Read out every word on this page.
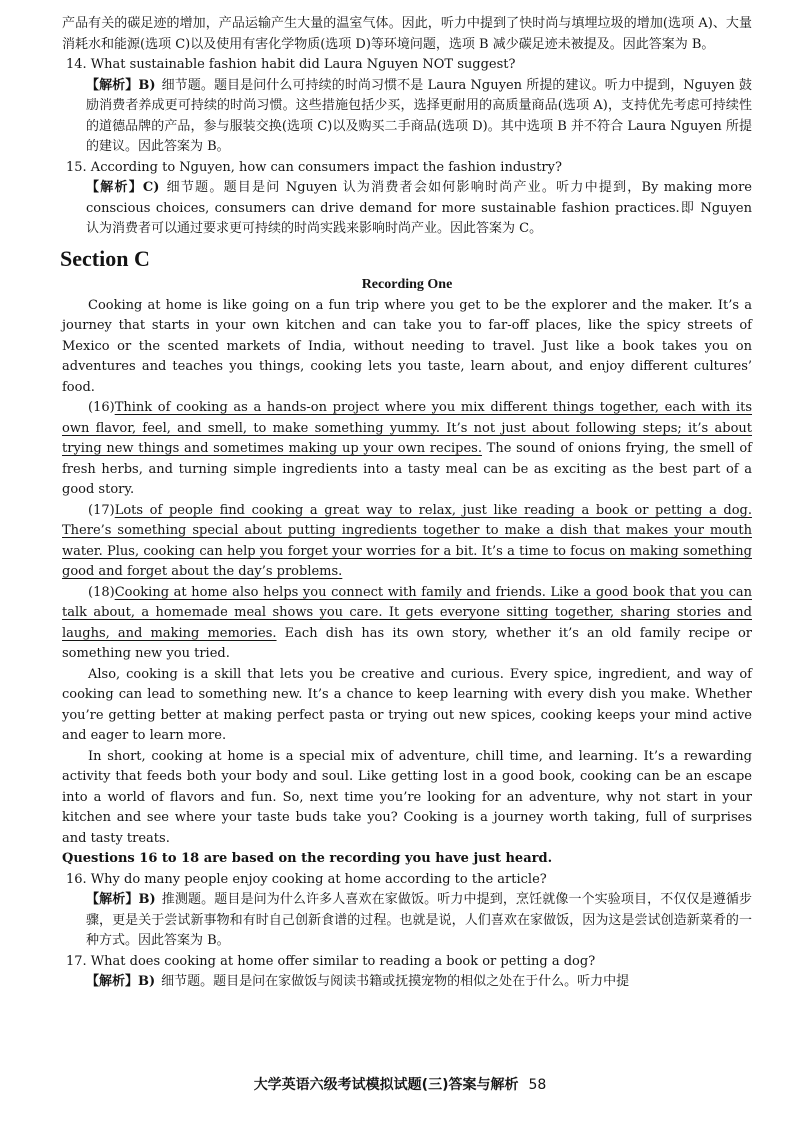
产品有关的碳足迹的增加，产品运输产生大量的温室气体。因此，听力中提到了快时尚与填埋垃圾的增加(选项 A)、大量消耗水和能源(选项 C)以及使用有害化学物质(选项 D)等环境问题，选项 B 减少碳足迹未被提及。因此答案为 B。

14. What sustainable fashion habit did Laura Nguyen NOT suggest?

【解析】B) 细节题。题目是问什么可持续的时尚习惯不是 Laura Nguyen 所提的建议。听力中提到，Nguyen 鼓励消费者养成更可持续的时尚习惯。这些措施包括少买，选择更耐用的高质量商品(选项 A)，支持优先考虑可持续性的道德品牌的产品，参与服装交换(选项 C)以及购买二手商品(选项 D)。其中选项 B 并不符合 Laura Nguyen 所提的建议。因此答案为 B。

15. According to Nguyen, how can consumers impact the fashion industry?

【解析】C) 细节题。题目是问 Nguyen 认为消费者会如何影响时尚产业。听力中提到，By making more conscious choices, consumers can drive demand for more sustainable fashion practices.即 Nguyen 认为消费者可以通过要求更可持续的时尚实践来影响时尚产业。因此答案为 C。

Section C

Recording One

Cooking at home is like going on a fun trip where you get to be the explorer and the maker. It’s a journey that starts in your own kitchen and can take you to far-off places, like the spicy streets of Mexico or the scented markets of India, without needing to travel. Just like a book takes you on adventures and teaches you things, cooking lets you taste, learn about, and enjoy different cultures’ food.

(16)Think of cooking as a hands-on project where you mix different things together, each with its own flavor, feel, and smell, to make something yummy. It’s not just about following steps; it’s about trying new things and sometimes making up your own recipes. The sound of onions frying, the smell of fresh herbs, and turning simple ingredients into a tasty meal can be as exciting as the best part of a good story.

(17)Lots of people find cooking a great way to relax, just like reading a book or petting a dog. There’s something special about putting ingredients together to make a dish that makes your mouth water. Plus, cooking can help you forget your worries for a bit. It’s a time to focus on making something good and forget about the day’s problems.

(18)Cooking at home also helps you connect with family and friends. Like a good book that you can talk about, a homemade meal shows you care. It gets everyone sitting together, sharing stories and laughs, and making memories. Each dish has its own story, whether it’s an old family recipe or something new you tried.

Also, cooking is a skill that lets you be creative and curious. Every spice, ingredient, and way of cooking can lead to something new. It’s a chance to keep learning with every dish you make. Whether you’re getting better at making perfect pasta or trying out new spices, cooking keeps your mind active and eager to learn more.

In short, cooking at home is a special mix of adventure, chill time, and learning. It’s a rewarding activity that feeds both your body and soul. Like getting lost in a good book, cooking can be an escape into a world of flavors and fun. So, next time you’re looking for an adventure, why not start in your kitchen and see where your taste buds take you? Cooking is a journey worth taking, full of surprises and tasty treats.

Questions 16 to 18 are based on the recording you have just heard.

16. Why do many people enjoy cooking at home according to the article?

【解析】B) 推测题。题目是问为什么许多人喜欢在家做饭。听力中提到，烹饪就像一个实验项目，不仅仅是遵循步骤，更是关于尝试新事物和有时自己创新食谱的过程。也就是说，人们喜欢在家做饭，因为这是尝试创造新菜肴的一种方式。因此答案为 B。

17. What does cooking at home offer similar to reading a book or petting a dog?

【解析】B) 细节题。题目是问在家做饭与阅读书籍或抚摸宠物的相似之处在于什么。听力中提

大学英语六级考试模拟试题(三)答案与解析 58
